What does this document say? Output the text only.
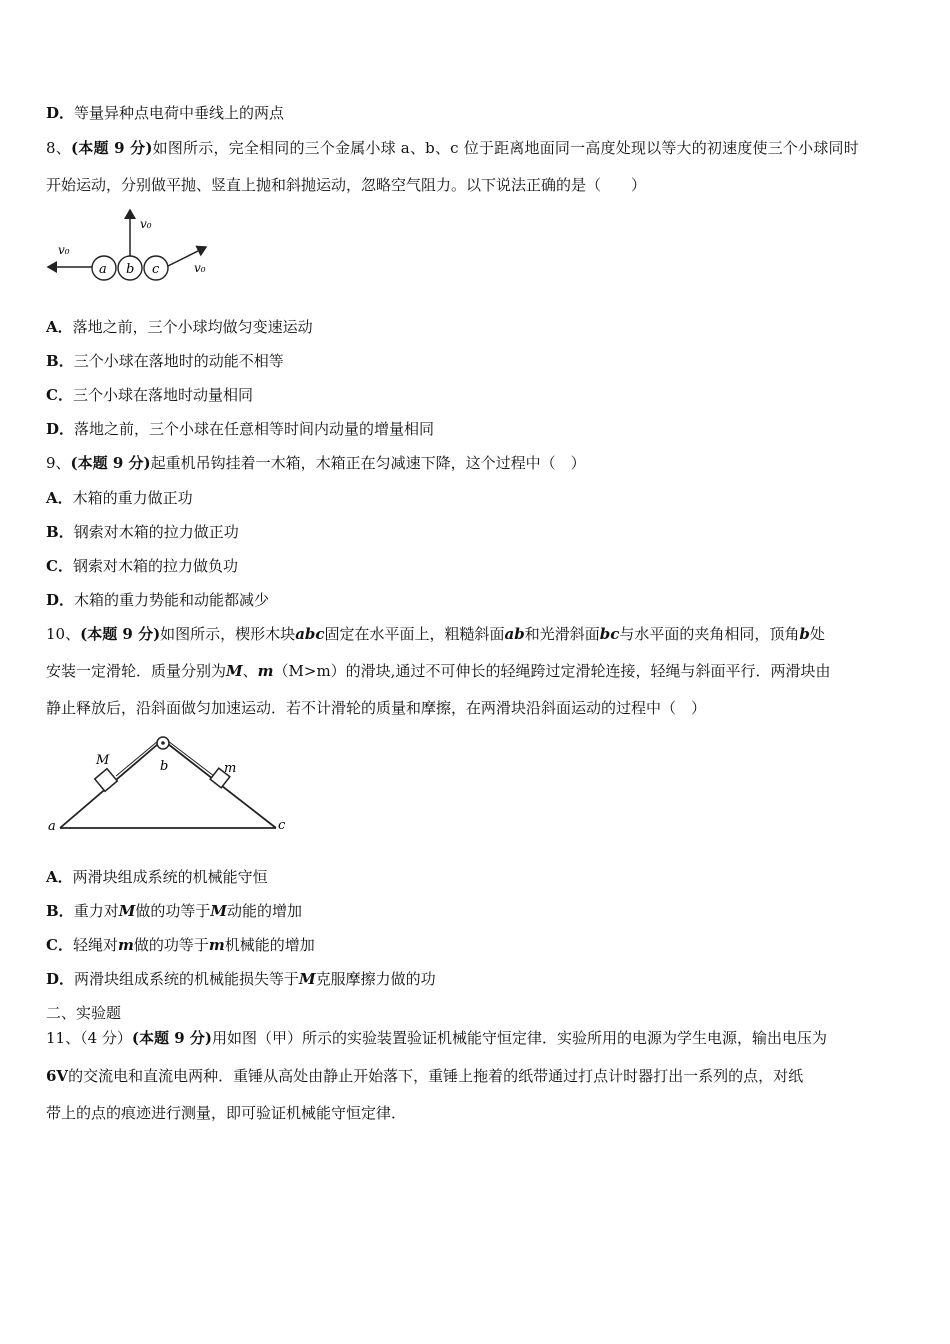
D．等量异种点电荷中垂线上的两点
8、(本题 9 分)如图所示，完全相同的三个金属小球 a、b、c 位于距离地面同一高度处现以等大的初速度使三个小球同时
开始运动，分别做平抛、竖直上抛和斜抛运动，忽略空气阻力。以下说法正确的是（　　）
a b c
v₀
v₀
v₀
A．落地之前，三个小球均做匀变速运动
B．三个小球在落地时的动能不相等
C．三个小球在落地时动量相同
D．落地之前，三个小球在任意相等时间内动量的增量相同
9、(本题 9 分)起重机吊钩挂着一木箱，木箱正在匀减速下降，这个过程中（　）
A．木箱的重力做正功
B．钢索对木箱的拉力做正功
C．钢索对木箱的拉力做负功
D．木箱的重力势能和动能都减少
10、(本题 9 分)如图所示，楔形木块abc固定在水平面上，粗糙斜面ab和光滑斜面bc与水平面的夹角相同，顶角b处
安装一定滑轮．质量分别为M、m（M>m）的滑块,通过不可伸长的轻绳跨过定滑轮连接，轻绳与斜面平行．两滑块由
静止释放后，沿斜面做匀加速运动．若不计滑轮的质量和摩擦，在两滑块沿斜面运动的过程中（　）
M
m
b
a	c
A．两滑块组成系统的机械能守恒
B．重力对M做的功等于M动能的增加
C．轻绳对m做的功等于m机械能的增加
D．两滑块组成系统的机械能损失等于M克服摩擦力做的功
二、实验题
11、（4 分）(本题 9 分)用如图（甲）所示的实验装置验证机械能守恒定律．实验所用的电源为学生电源，输出电压为
6V的交流电和直流电两种．重锤从高处由静止开始落下，重锤上拖着的纸带通过打点计时器打出一系列的点，对纸
带上的点的痕迹进行测量，即可验证机械能守恒定律．
